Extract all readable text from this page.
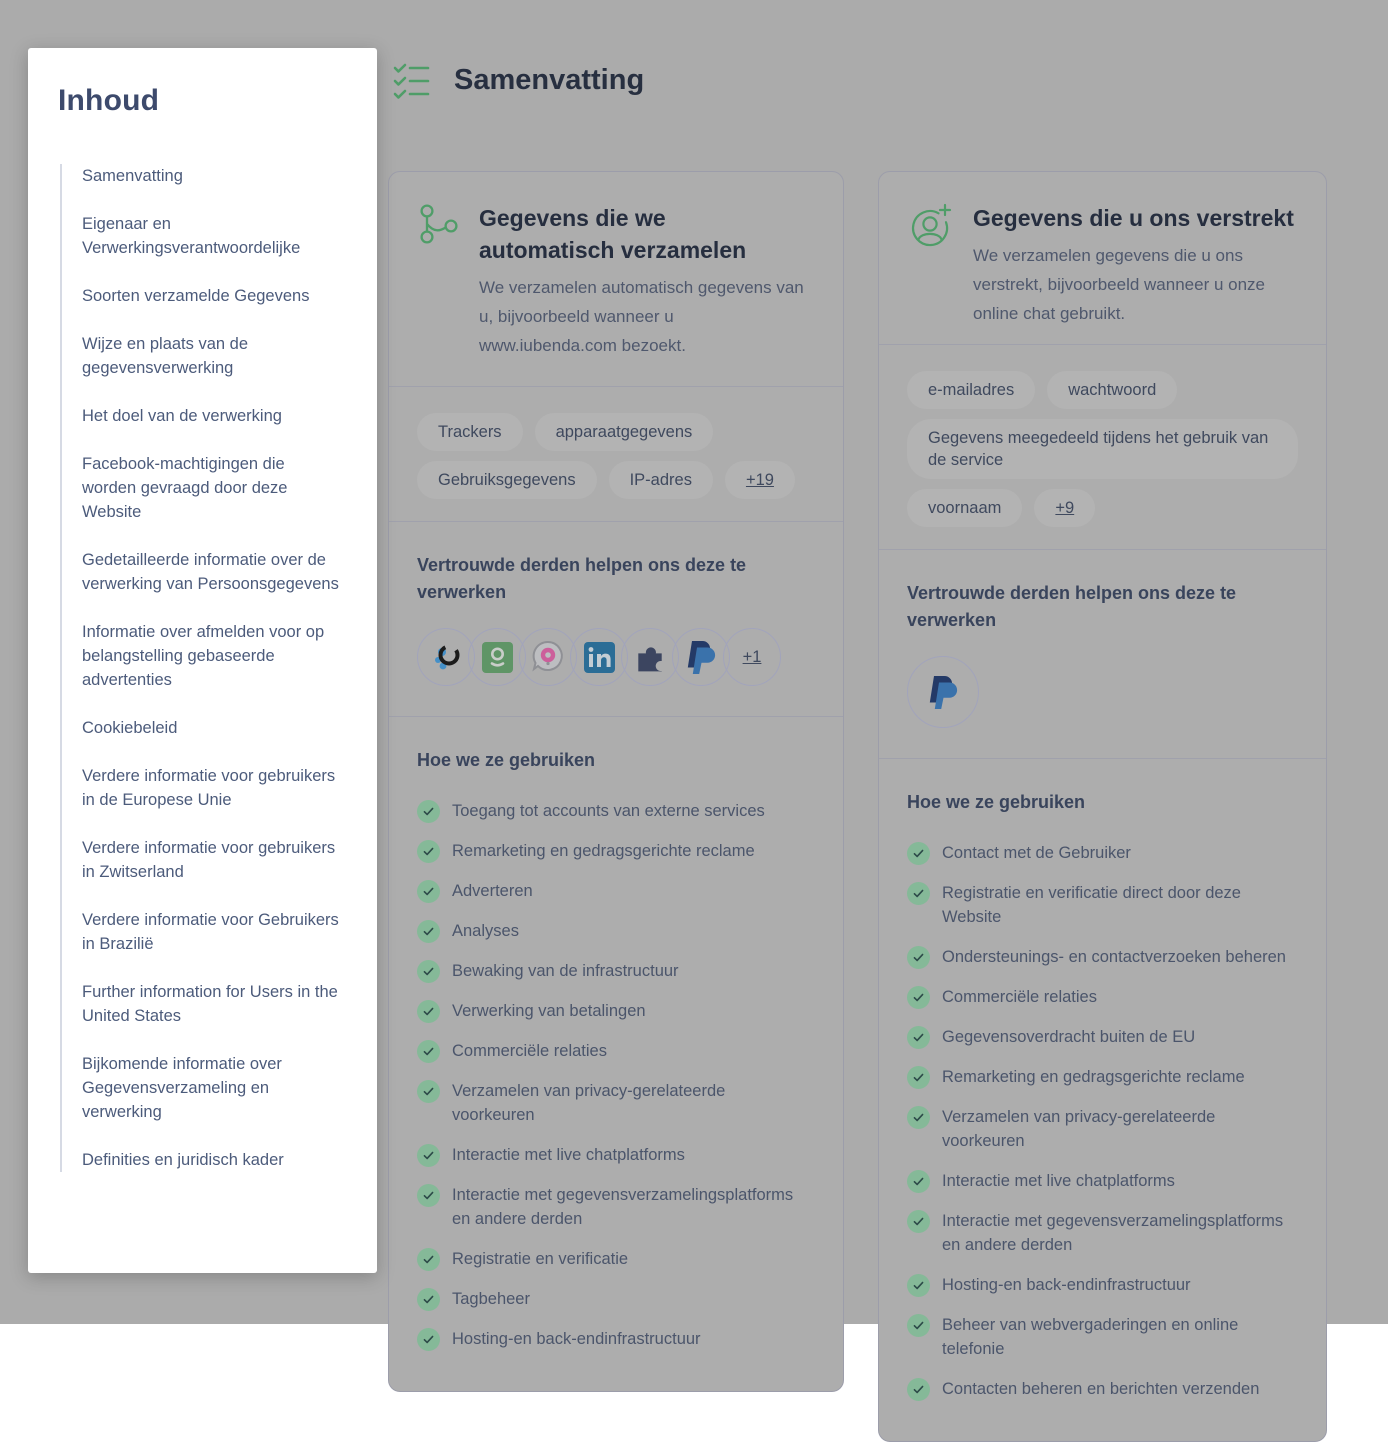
Inhoud
Samenvatting
Eigenaar en Verwerkingsverantwoordelijke
Soorten verzamelde Gegevens
Wijze en plaats van de gegevensverwerking
Het doel van de verwerking
Facebook-machtigingen die worden gevraagd door deze Website
Gedetailleerde informatie over de verwerking van Persoonsgegevens
Informatie over afmelden voor op belangstelling gebaseerde advertenties
Cookiebeleid
Verdere informatie voor gebruikers in de Europese Unie
Verdere informatie voor gebruikers in Zwitserland
Verdere informatie voor Gebruikers in Brazilië
Further information for Users in the United States
Bijkomende informatie over Gegevensverzameling en verwerking
Definities en juridisch kader
Samenvatting
Gegevens die we automatisch verzamelen

We verzamelen automatisch gegevens van u, bijvoorbeeld wanneer u www.iubenda.com bezoekt.

Trackers	apparaatgegevens
Gebruiksgegevens	IP-adres	+19
Vertrouwde derden helpen ons deze te verwerken
+1
Hoe we ze gebruiken
Toegang tot accounts van externe services
Remarketing en gedragsgerichte reclame
Adverteren
Analyses
Bewaking van de infrastructuur
Verwerking van betalingen
Commerciële relaties
Verzamelen van privacy-gerelateerde voorkeuren
Interactie met live chatplatforms
Interactie met gegevensverzamelingsplatforms en andere derden
Registratie en verificatie
Tagbeheer
Hosting-en back-endinfrastructuur
Gegevens die u ons verstrekt

We verzamelen gegevens die u ons verstrekt, bijvoorbeeld wanneer u onze online chat gebruikt.

e-mailadres	wachtwoord
Gegevens meegedeeld tijdens het gebruik van de service
voornaam	+9
Vertrouwde derden helpen ons deze te verwerken
Hoe we ze gebruiken
Contact met de Gebruiker
Registratie en verificatie direct door deze Website
Ondersteunings- en contactverzoeken beheren
Commerciële relaties
Gegevensoverdracht buiten de EU
Remarketing en gedragsgerichte reclame
Verzamelen van privacy-gerelateerde voorkeuren
Interactie met live chatplatforms
Interactie met gegevensverzamelingsplatforms en andere derden
Hosting-en back-endinfrastructuur
Beheer van webvergaderingen en online telefonie
Contacten beheren en berichten verzenden
